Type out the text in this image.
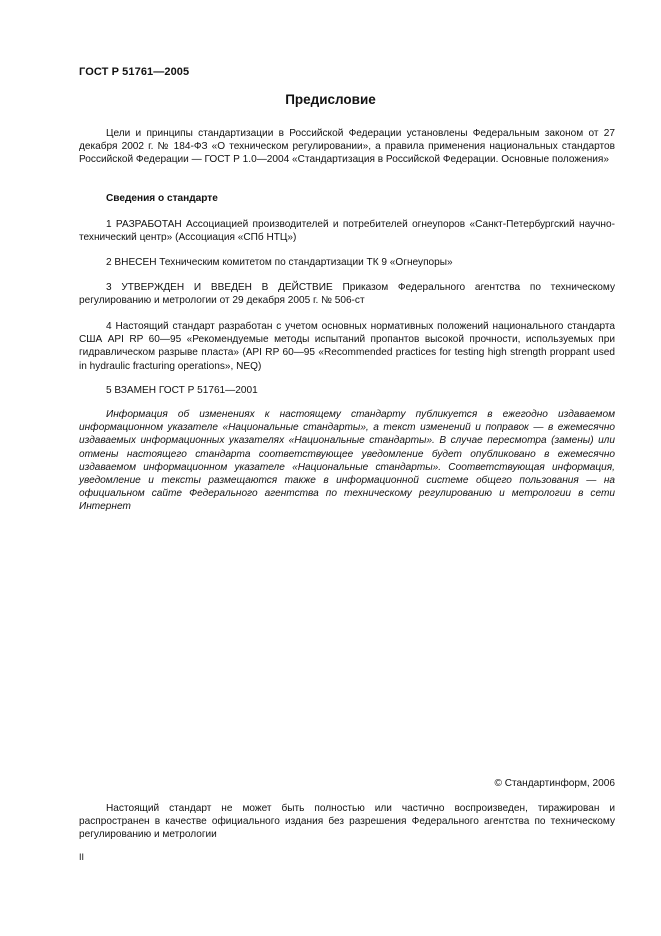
ГОСТ Р 51761—2005
Предисловие

Цели и принципы стандартизации в Российской Федерации установлены Федеральным законом от 27 декабря 2002 г. № 184-ФЗ «О техническом регулировании», а правила применения национальных стандартов Российской Федерации — ГОСТ Р 1.0—2004 «Стандартизация в Российской Федерации. Основные положения»

Сведения о стандарте

1 РАЗРАБОТАН Ассоциацией производителей и потребителей огнеупоров «Санкт-Петербургский научно-технический центр» (Ассоциация «СПб НТЦ»)

2 ВНЕСЕН Техническим комитетом по стандартизации ТК 9 «Огнеупоры»

3 УТВЕРЖДЕН И ВВЕДЕН В ДЕЙСТВИЕ Приказом Федерального агентства по техническому регулированию и метрологии от 29 декабря 2005 г. № 506-ст

4 Настоящий стандарт разработан с учетом основных нормативных положений национального стандарта США API RP 60—95 «Рекомендуемые методы испытаний пропантов высокой прочности, используемых при гидравлическом разрыве пласта» (API RP 60—95 «Recommended practices for testing high strength proppant used in hydraulic fracturing operations», NEQ)

5 ВЗАМЕН ГОСТ Р 51761—2001

Информация об изменениях к настоящему стандарту публикуется в ежегодно издаваемом информационном указателе «Национальные стандарты», а текст изменений и поправок — в ежемесячно издаваемых информационных указателях «Национальные стандарты». В случае пересмотра (замены) или отмены настоящего стандарта соответствующее уведомление будет опубликовано в ежемесячно издаваемом информационном указателе «Национальные стандарты». Соответствующая информация, уведомление и тексты размещаются также в информационной системе общего пользования — на официальном сайте Федерального агентства по техническому регулированию и метрологии в сети Интернет

© Стандартинформ, 2006

Настоящий стандарт не может быть полностью или частично воспроизведен, тиражирован и распространен в качестве официального издания без разрешения Федерального агентства по техническому регулированию и метрологии

II
